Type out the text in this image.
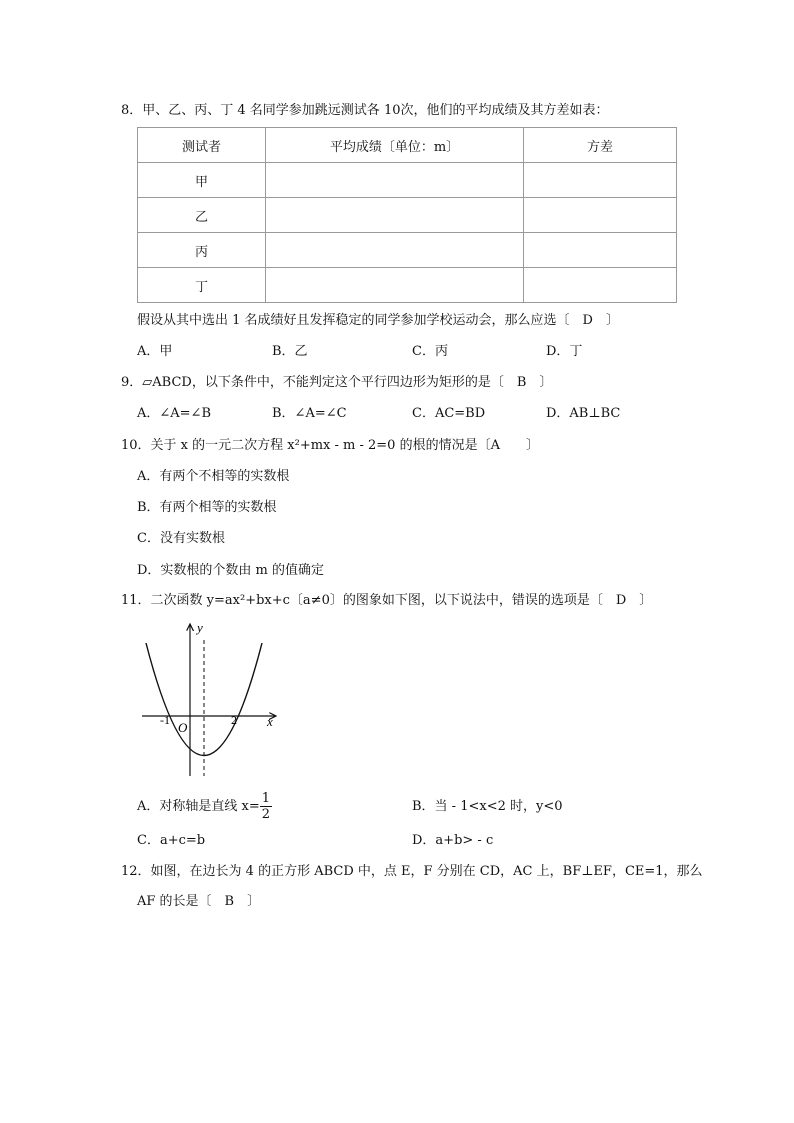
8．甲、乙、丙、丁 4 名同学参加跳远测试各 10次，他们的平均成绩及其方差如表：
测试者	平均成绩〔单位：m〕	方差
甲		
乙		
丙		
丁		
假设从其中选出 1 名成绩好且发挥稳定的同学参加学校运动会，那么应选〔　D　〕
A．甲	B．乙	C．丙	D．丁
9．▱ABCD，以下条件中，不能判定这个平行四边形为矩形的是〔　B　〕
A．∠A=∠B	B．∠A=∠C	C．AC=BD	D．AB⊥BC
10．关于 x 的一元二次方程 x²+mx - m - 2=0 的根的情况是〔A　　〕
A．有两个不相等的实数根
B．有两个相等的实数根
C．没有实数根
D．实数根的个数由 m 的值确定
11．二次函数 y=ax²+bx+c〔a≠0〕的图象如下图，以下说法中，错误的选项是〔　D　〕
y
x
O
-1	2
A．对称轴是直线 $x= \frac{1}{2}$	B．当 - 1<x<2 时，y<0
C．a+c=b	D．a+b> - c
12．如图，在边长为 4 的正方形 ABCD 中，点 E，F 分别在 CD，AC 上，BF⊥EF，CE=1，那么
AF 的长是〔　B　〕
